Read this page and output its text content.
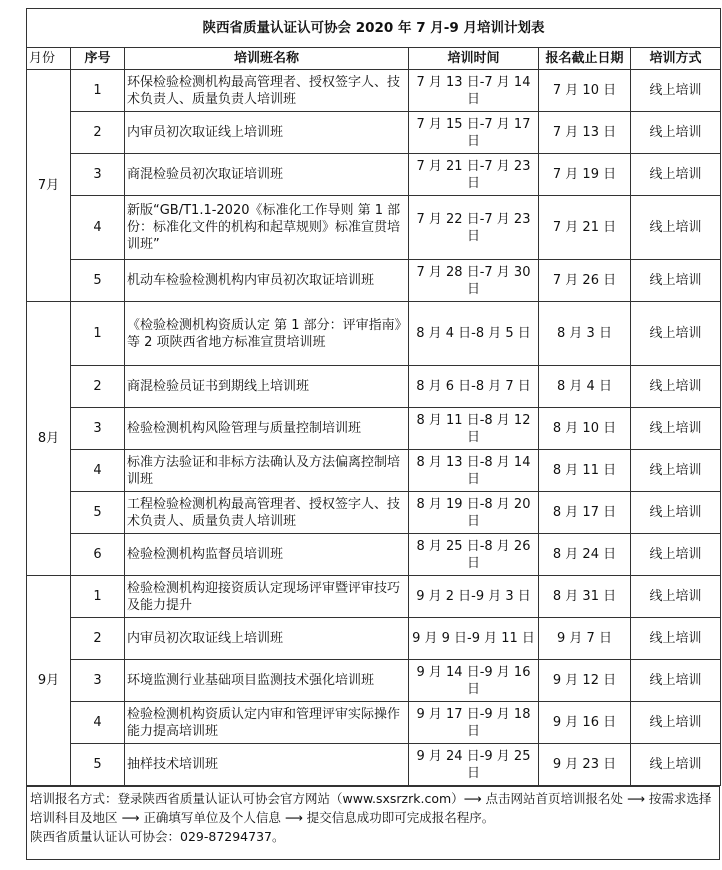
陕西省质量认证认可协会 2020 年 7 月-9 月培训计划表					
月份	序号	培训班名称	培训时间	报名截止日期	培训方式
7月	1	环保检验检测机构最高管理者、授权签字人、技术负责人、质量负责人培训班	7 月 13 日-7 月 14 日	7 月 10 日	线上培训
	2	内审员初次取证线上培训班	7 月 15 日-7 月 17 日	7 月 13 日	线上培训
	3	商混检验员初次取证培训班	7 月 21 日-7 月 23 日	7 月 19 日	线上培训
	4	新版“GB/T1.1-2020《标准化工作导则 第 1 部份：标准化文件的机构和起草规则》标准宣贯培训班”	7 月 22 日-7 月 23 日	7 月 21 日	线上培训
	5	机动车检验检测机构内审员初次取证培训班	7 月 28 日-7 月 30 日	7 月 26 日	线上培训
8月	1	《检验检测机构资质认定 第 1 部分：评审指南》等 2 项陕西省地方标准宣贯培训班	8 月 4 日-8 月 5 日	8 月 3 日	线上培训
	2	商混检验员证书到期线上培训班	8 月 6 日-8 月 7 日	8 月 4 日	线上培训
	3	检验检测机构风险管理与质量控制培训班	8 月 11 日-8 月 12 日	8 月 10 日	线上培训
	4	标准方法验证和非标方法确认及方法偏离控制培训班	8 月 13 日-8 月 14 日	8 月 11 日	线上培训
	5	工程检验检测机构最高管理者、授权签字人、技术负责人、质量负责人培训班	8 月 19 日-8 月 20 日	8 月 17 日	线上培训
	6	检验检测机构监督员培训班	8 月 25 日-8 月 26 日	8 月 24 日	线上培训
9月	1	检验检测机构迎接资质认定现场评审暨评审技巧及能力提升	9 月 2 日-9 月 3 日	8 月 31 日	线上培训
	2	内审员初次取证线上培训班	9 月 9 日-9 月 11 日	9 月 7 日	线上培训
	3	环境监测行业基础项目监测技术强化培训班	9 月 14 日-9 月 16 日	9 月 12 日	线上培训
	4	检验检测机构资质认定内审和管理评审实际操作能力提高培训班	9 月 17 日-9 月 18 日	9 月 16 日	线上培训
	5	抽样技术培训班	9 月 24 日-9 月 25 日	9 月 23 日	线上培训

培训报名方式：登录陕西省质量认证认可协会官方网站（www.sxsrzrk.com）⟶ 点击网站首页培训报名处 ⟶ 按需求选择培训科目及地区 ⟶ 正确填写单位及个人信息 ⟶ 提交信息成功即可完成报名程序。

陕西省质量认证认可协会：029-87294737。
